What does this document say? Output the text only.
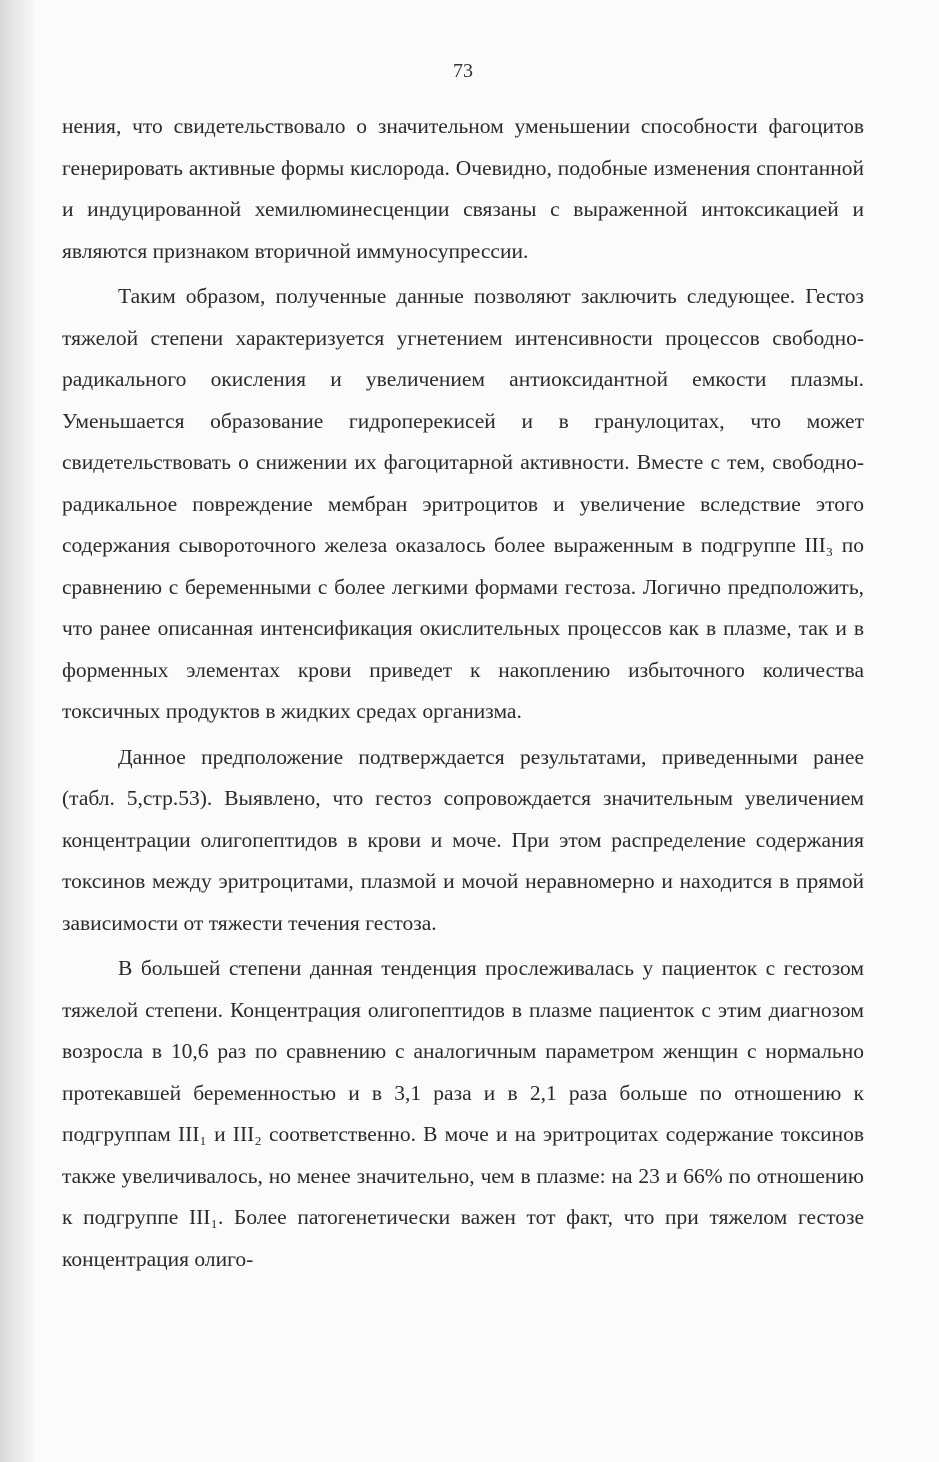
73

нения, что свидетельствовало о значительном уменьшении способности фагоцитов генерировать активные формы кислорода. Очевидно, подобные изменения спонтанной и индуцированной хемилюминесценции связаны с выраженной интоксикацией и являются признаком вторичной иммуносупрессии.

Таким образом, полученные данные позволяют заключить следующее. Гестоз тяжелой степени характеризуется угнетением интенсивности процессов свободно-радикального окисления и увеличением антиоксидантной емкости плазмы. Уменьшается образование гидроперекисей и в гранулоцитах, что может свидетельствовать о снижении их фагоцитарной активности. Вместе с тем, свободно-радикальное повреждение мембран эритроцитов и увеличение вследствие этого содержания сывороточного железа оказалось более выраженным в подгруппе III₃ по сравнению с беременными с более легкими формами гестоза. Логично предположить, что ранее описанная интенсификация окислительных процессов как в плазме, так и в форменных элементах крови приведет к накоплению избыточного количества токсичных продуктов в жидких средах организма.

Данное предположение подтверждается результатами, приведенными ранее (табл. 5,стр.53). Выявлено, что гестоз сопровождается значительным увеличением концентрации олигопептидов в крови и моче. При этом распределение содержания токсинов между эритроцитами, плазмой и мочой неравномерно и находится в прямой зависимости от тяжести течения гестоза.

В большей степени данная тенденция прослеживалась у пациенток с гестозом тяжелой степени. Концентрация олигопептидов в плазме пациенток с этим диагнозом возросла в 10,6 раз по сравнению с аналогичным параметром женщин с нормально протекавшей беременностью и в 3,1 раза и в 2,1 раза больше по отношению к подгруппам III₁ и III₂ соответственно. В моче и на эритроцитах содержание токсинов также увеличивалось, но менее значительно, чем в плазме: на 23 и 66% по отношению к подгруппе III₁. Более патогенетически важен тот факт, что при тяжелом гестозе концентрация олиго-
